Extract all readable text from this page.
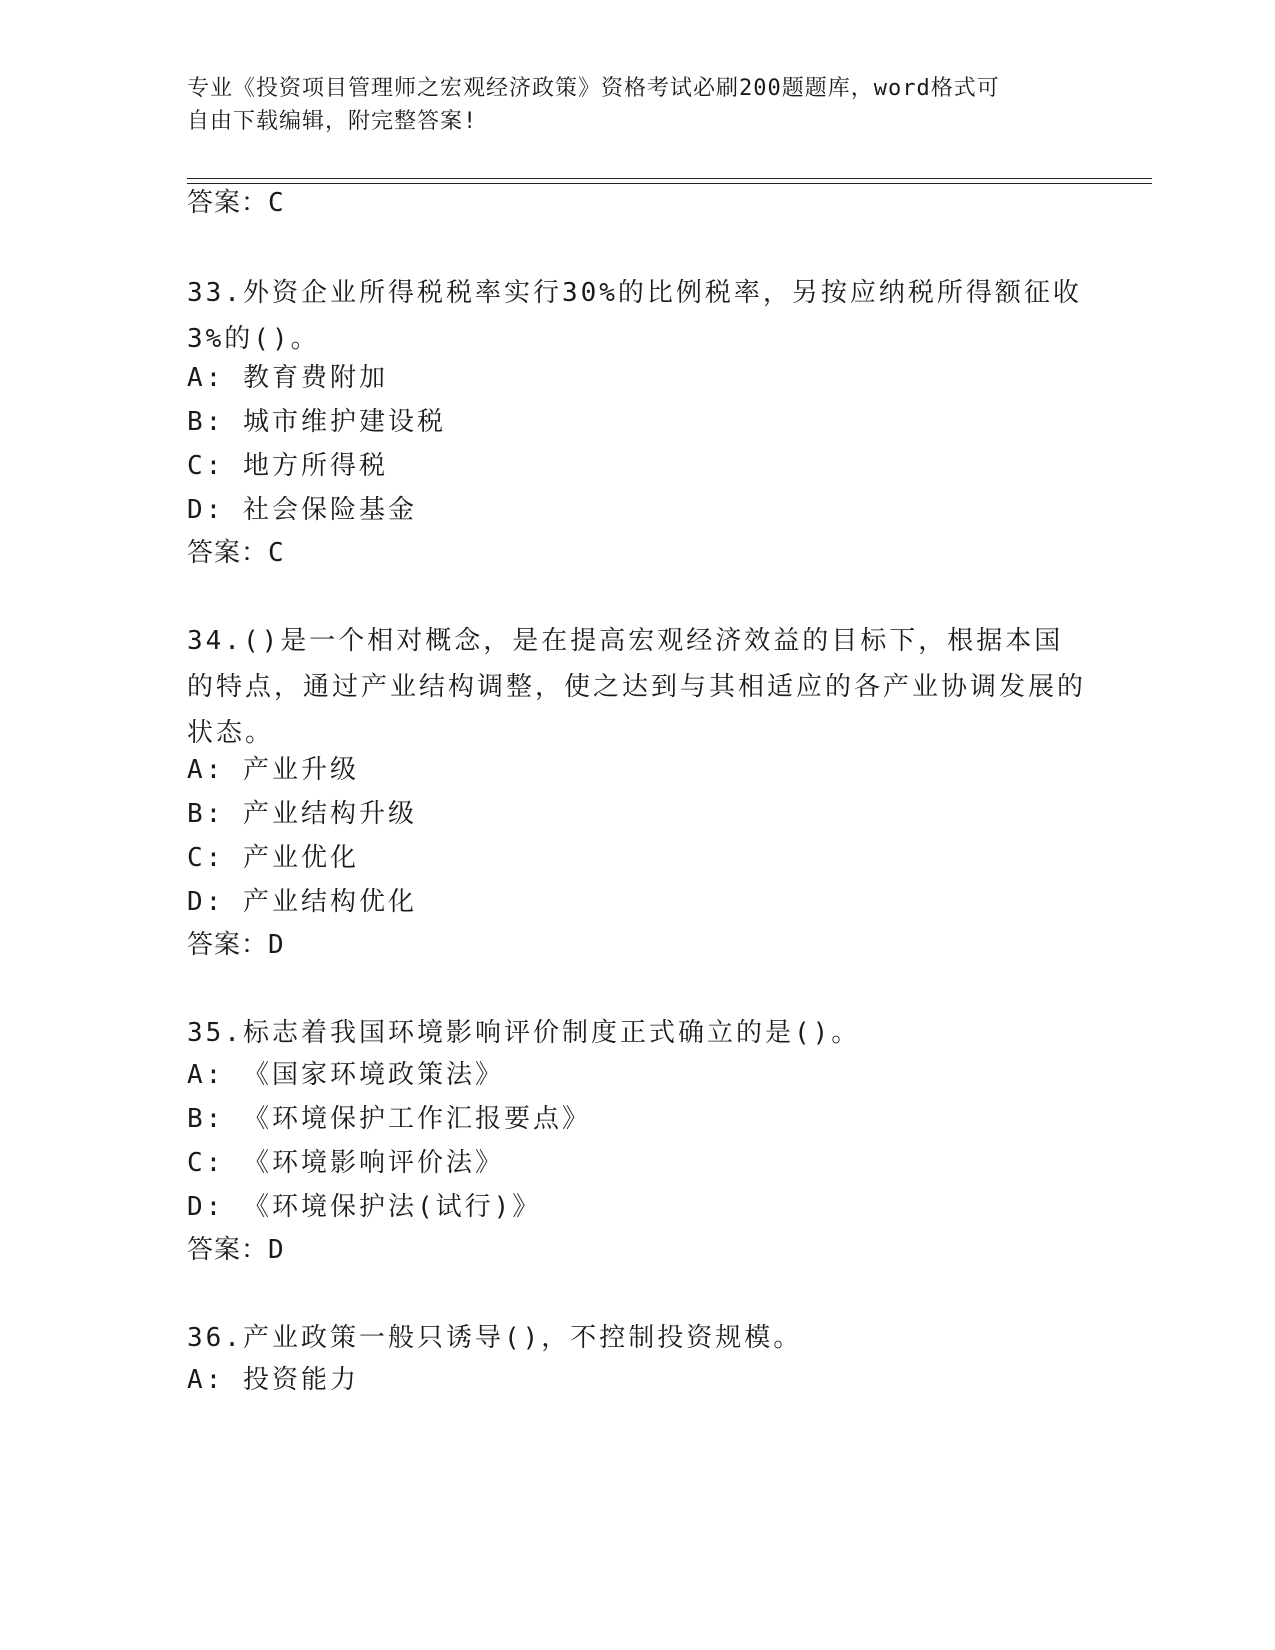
专业《投资项目管理师之宏观经济政策》资格考试必刷200题题库，word格式可
自由下载编辑，附完整答案!
答案：C
33.外资企业所得税税率实行30%的比例税率，另按应纳税所得额征收3%的()。
A: 教育费附加
B: 城市维护建设税
C: 地方所得税
D: 社会保险基金
答案：C
34.()是一个相对概念，是在提高宏观经济效益的目标下，根据本国的特点，通过产业结构调整，使之达到与其相适应的各产业协调发展的状态。
A: 产业升级
B: 产业结构升级
C: 产业优化
D: 产业结构优化
答案：D
35.标志着我国环境影响评价制度正式确立的是()。
A: 《国家环境政策法》
B: 《环境保护工作汇报要点》
C: 《环境影响评价法》
D: 《环境保护法(试行)》
答案：D
36.产业政策一般只诱导()，不控制投资规模。
A: 投资能力
